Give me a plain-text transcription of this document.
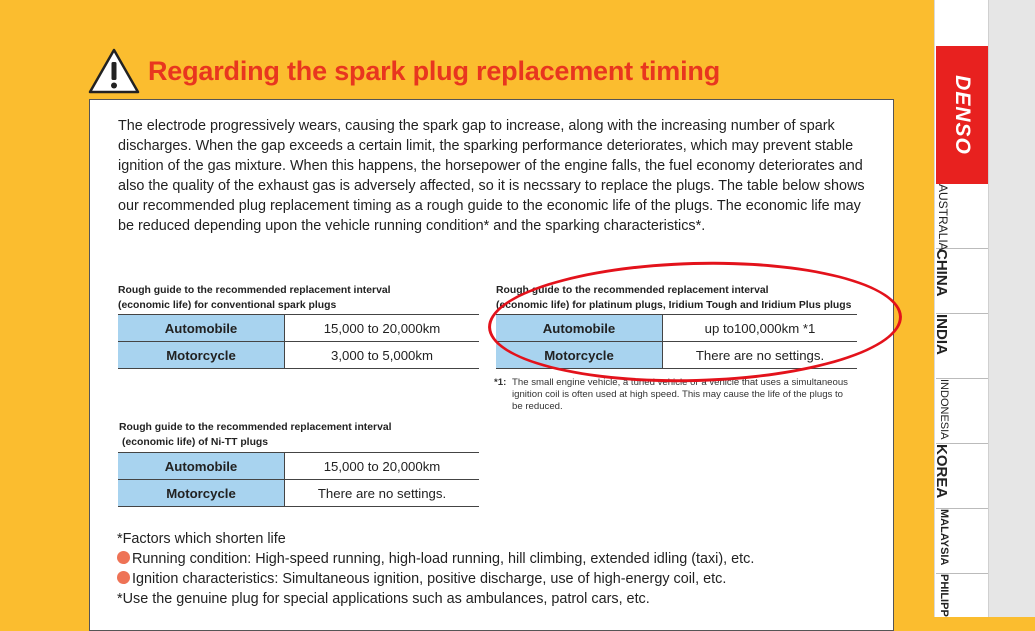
Regarding the spark plug replacement timing

The electrode progressively wears, causing the spark gap to increase, along with the increasing number of spark discharges. When the gap exceeds a certain limit, the sparking performance deteriorates, which may prevent stable ignition of the gas mixture. When this happens, the horsepower of the engine falls, the fuel economy deteriorates and also the quality of the exhaust gas is adversely affected, so it is necssary to replace the plugs. The table below shows our recommended plug replacement timing as a rough guide to the economic life of the plugs. The economic life may be reduced depending upon the vehicle running condition* and the sparking characteristics*.

Rough guide to the recommended replacement interval
(economic life) for conventional spark plugs
Automobile	15,000 to 20,000km
Motorcycle	3,000 to 5,000km
Rough guide to the recommended replacement interval
(economic life) for platinum plugs, Iridium Tough and Iridium Plus plugs
Automobile	up to100,000km *1
Motorcycle	There are no settings.
*1: The small engine vehicle, a tuned vehicle or a vehicle that uses a simultaneous ignition coil is often used at high speed. This may cause the life of the plugs to be reduced.
Rough guide to the recommended replacement interval
(economic life) of Ni-TT plugs
Automobile	15,000 to 20,000km
Motorcycle	There are no settings.
*Factors which shorten life
Running condition: High-speed running, high-load running, hill climbing, extended idling (taxi), etc.
Ignition characteristics: Simultaneous ignition, positive discharge, use of high-energy coil, etc.
*Use the genuine plug for special applications such as ambulances, patrol cars, etc.
DENSO
AUSTRALIA
CHINA
INDIA
INDONESIA
KOREA
MALAYSIA
PHILIPP
